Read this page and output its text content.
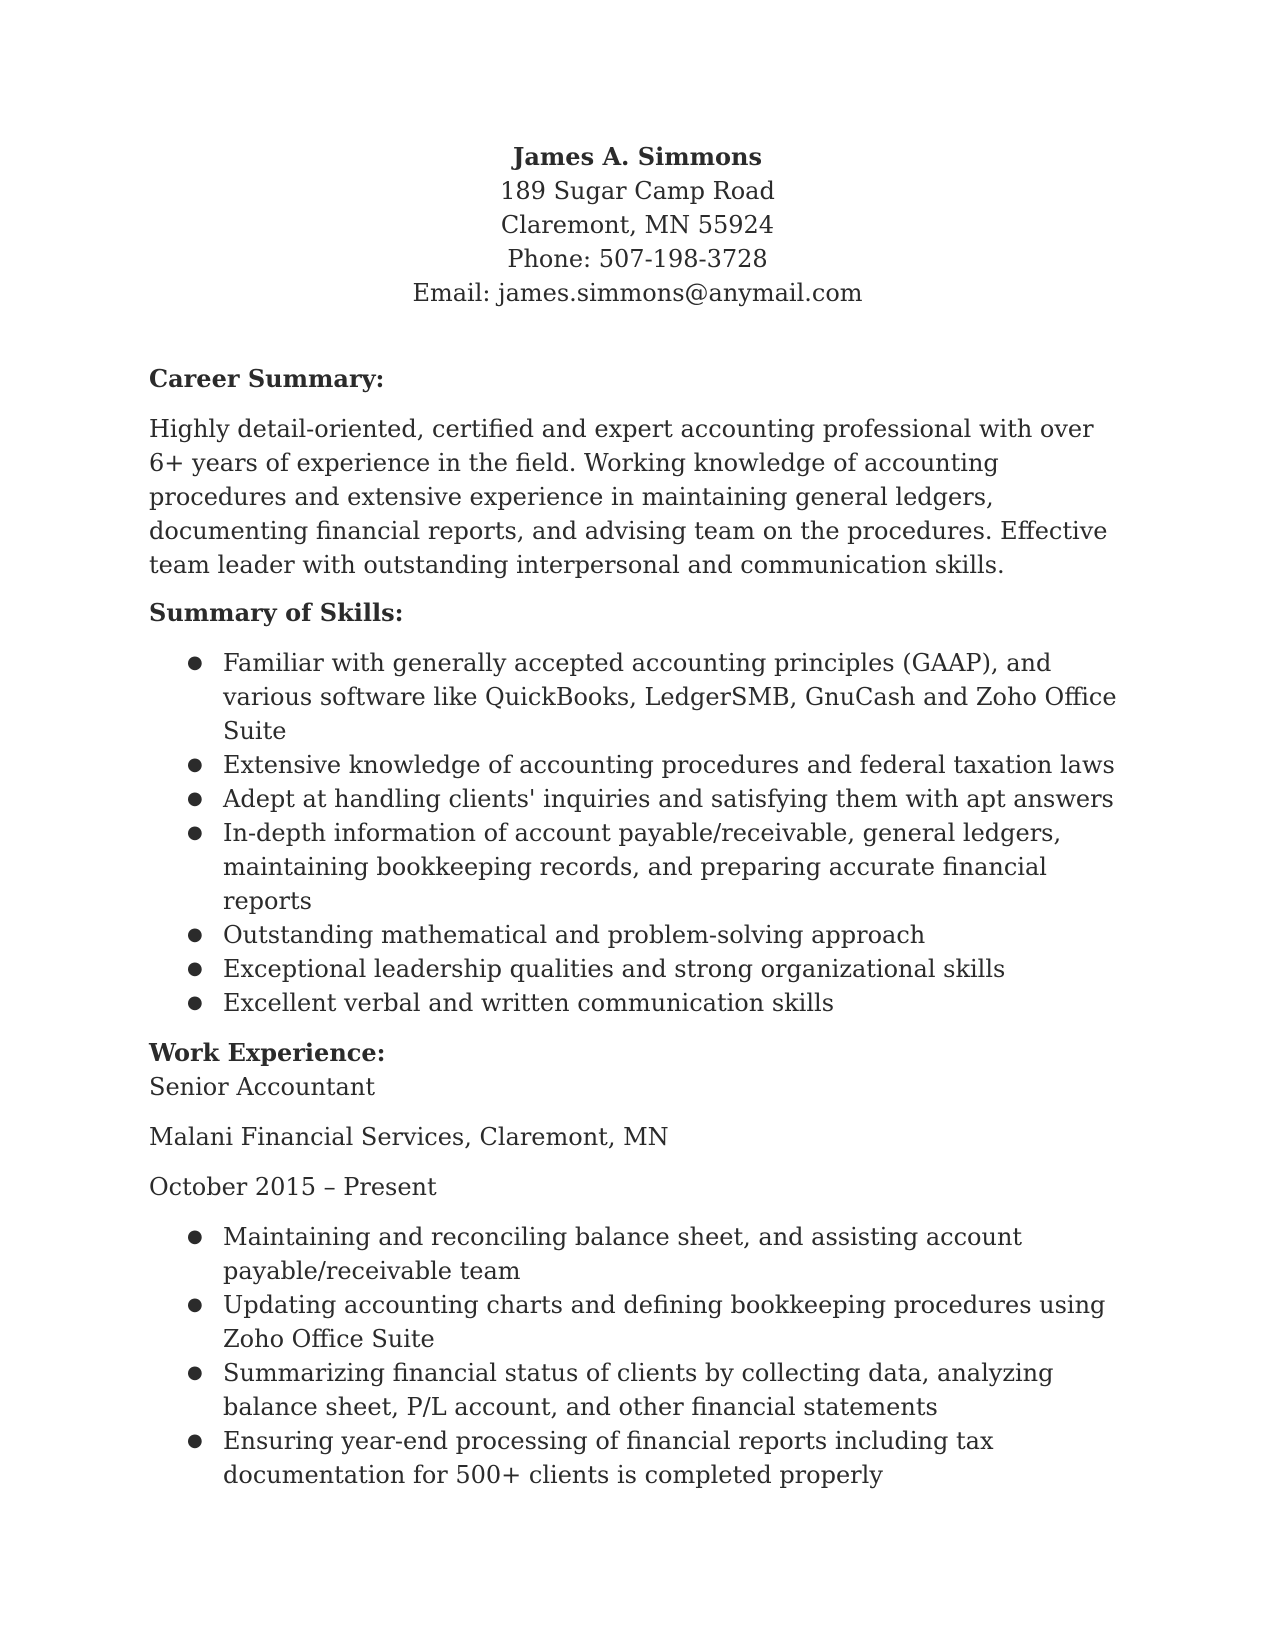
James A. Simmons
189 Sugar Camp Road
Claremont, MN 55924
Phone: 507-198-3728
Email: james.simmons@anymail.com

Career Summary:

Highly detail-oriented, certified and expert accounting professional with over 6+ years of experience in the field. Working knowledge of accounting procedures and extensive experience in maintaining general ledgers, documenting financial reports, and advising team on the procedures. Effective team leader with outstanding interpersonal and communication skills.

Summary of Skills:

● Familiar with generally accepted accounting principles (GAAP), and various software like QuickBooks, LedgerSMB, GnuCash and Zoho Office Suite
● Extensive knowledge of accounting procedures and federal taxation laws
● Adept at handling clients' inquiries and satisfying them with apt answers
● In-depth information of account payable/receivable, general ledgers, maintaining bookkeeping records, and preparing accurate financial reports
● Outstanding mathematical and problem-solving approach
● Exceptional leadership qualities and strong organizational skills
● Excellent verbal and written communication skills

Work Experience:

Senior Accountant

Malani Financial Services, Claremont, MN

October 2015 – Present

● Maintaining and reconciling balance sheet, and assisting account payable/receivable team
● Updating accounting charts and defining bookkeeping procedures using Zoho Office Suite
● Summarizing financial status of clients by collecting data, analyzing balance sheet, P/L account, and other financial statements
● Ensuring year-end processing of financial reports including tax documentation for 500+ clients is completed properly
